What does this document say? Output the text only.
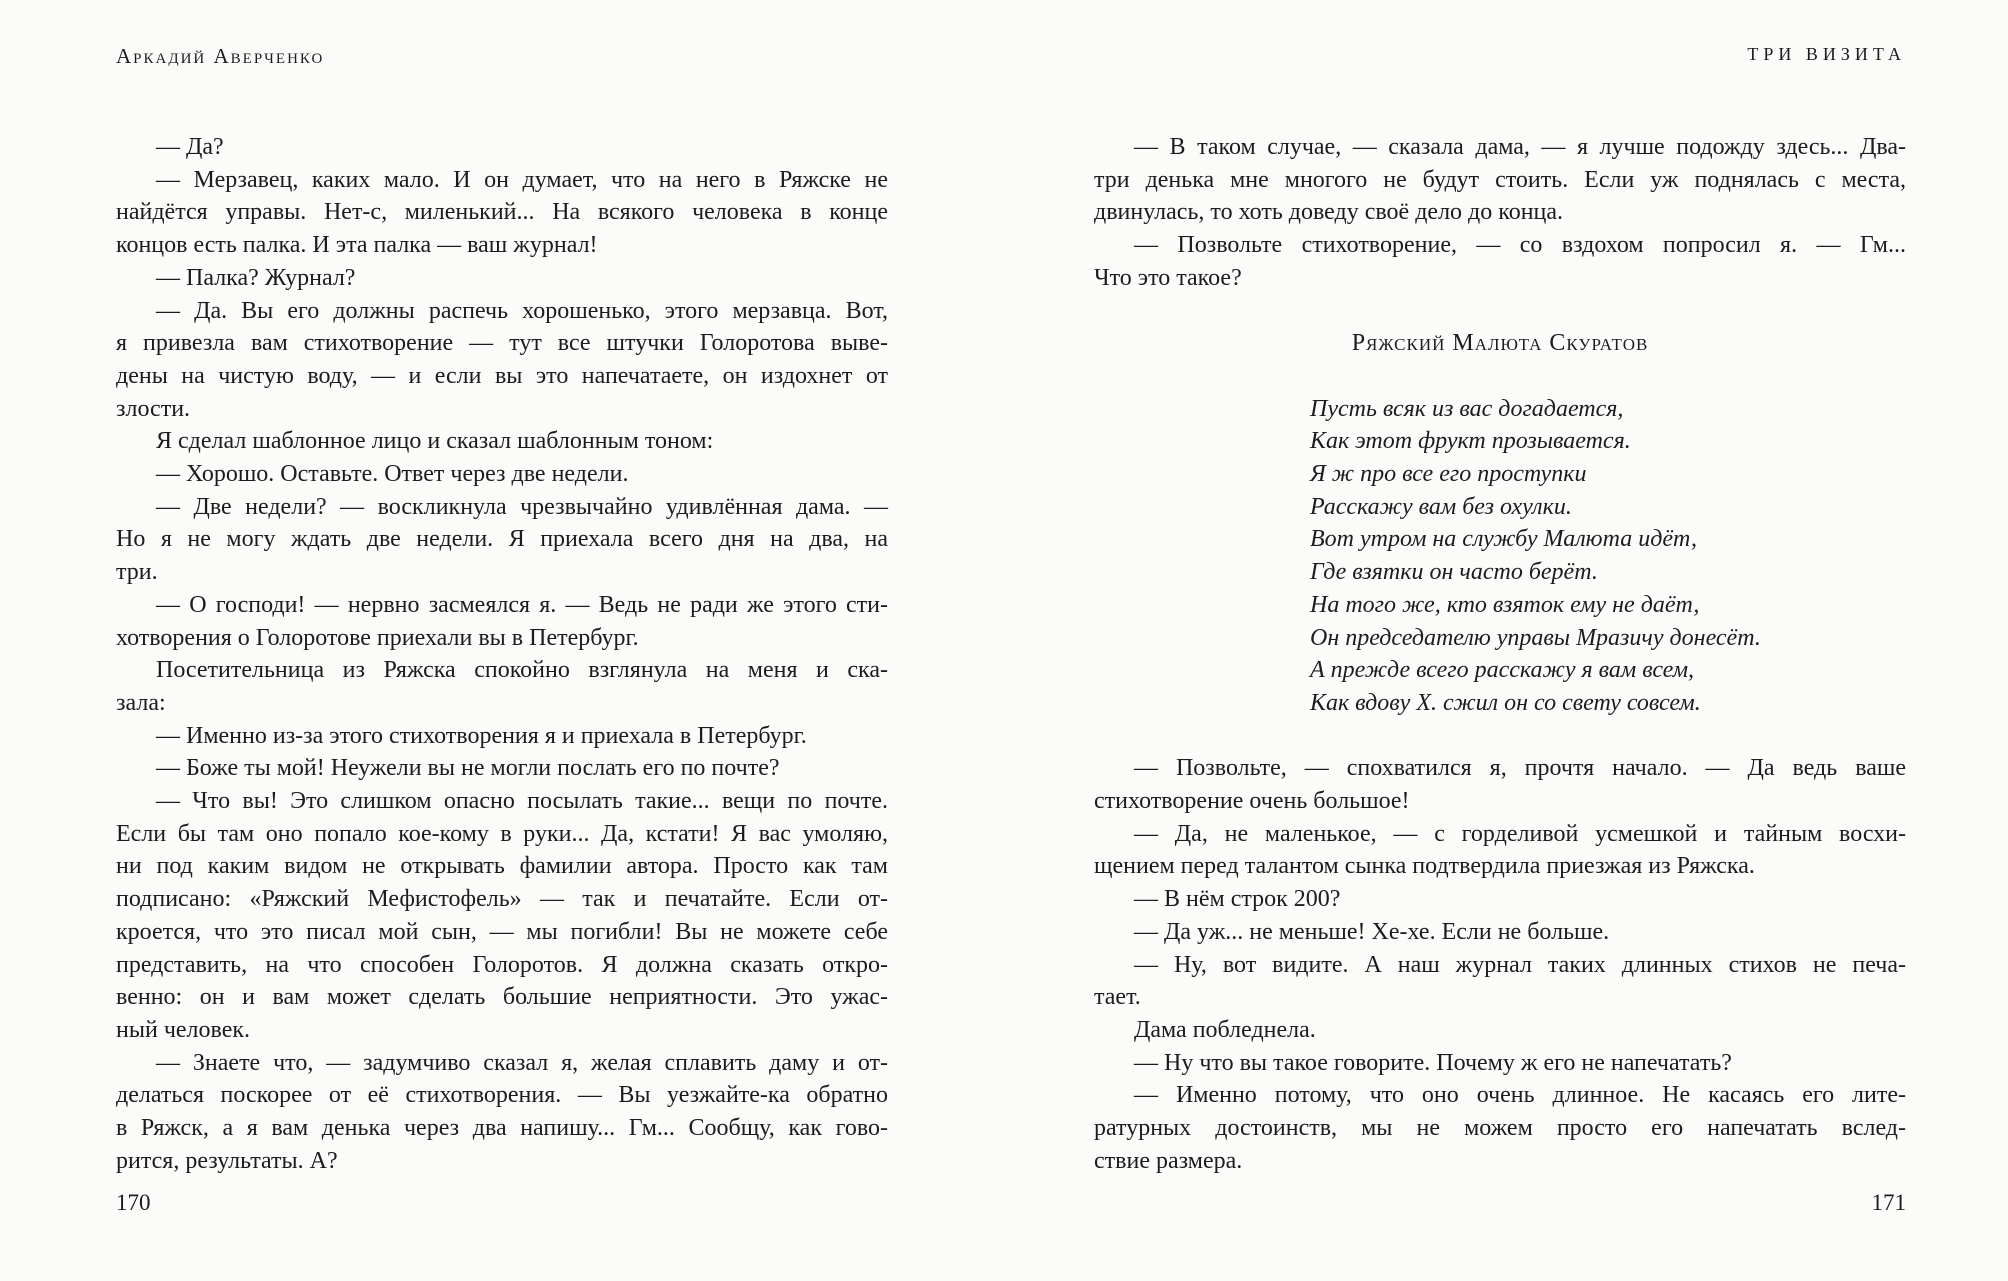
Аркадий Аверченко
— Да?
— Мерзавец, каких мало. И он думает, что на него в Ряжске не
найдётся управы. Нет-с, миленький... На всякого человека в конце
концов есть палка. И эта палка — ваш журнал!
— Палка? Журнал?
— Да. Вы его должны распечь хорошенько, этого мерзавца. Вот,
я привезла вам стихотворение — тут все штучки Голоротова выве-
дены на чистую воду, — и если вы это напечатаете, он издохнет от
злости.
Я сделал шаблонное лицо и сказал шаблонным тоном:
— Хорошо. Оставьте. Ответ через две недели.
— Две недели? — воскликнула чрезвычайно удивлённая дама. —
Но я не могу ждать две недели. Я приехала всего дня на два, на
три.
— О господи! — нервно засмеялся я. — Ведь не ради же этого сти-
хотворения о Голоротове приехали вы в Петербург.
Посетительница из Ряжска спокойно взглянула на меня и ска-
зала:
— Именно из-за этого стихотворения я и приехала в Петербург.
— Боже ты мой! Неужели вы не могли послать его по почте?
— Что вы! Это слишком опасно посылать такие... вещи по почте.
Если бы там оно попало кое-кому в руки... Да, кстати! Я вас умоляю,
ни под каким видом не открывать фамилии автора. Просто как там
подписано: «Ряжский Мефистофель» — так и печатайте. Если от-
кроется, что это писал мой сын, — мы погибли! Вы не можете себе
представить, на что способен Голоротов. Я должна сказать откро-
венно: он и вам может сделать большие неприятности. Это ужас-
ный человек.
— Знаете что, — задумчиво сказал я, желая сплавить даму и от-
делаться поскорее от её стихотворения. — Вы уезжайте-ка обратно
в Ряжск, а я вам денька через два напишу... Гм... Сообщу, как гово-
рится, результаты. А?
170
ТРИ ВИЗИТА
— В таком случае, — сказала дама, — я лучше подожду здесь... Два-
три денька мне многого не будут стоить. Если уж поднялась с места,
двинулась, то хоть доведу своё дело до конца.
— Позвольте стихотворение, — со вздохом попросил я. — Гм...
Что это такое?
Ряжский Малюта Скуратов
Пусть всяк из вас догадается,
Как этот фрукт прозывается.
Я ж про все его проступки
Расскажу вам без охулки.
Вот утром на службу Малюта идёт,
Где взятки он часто берёт.
На того же, кто взяток ему не даёт,
Он председателю управы Мразичу донесёт.
А прежде всего расскажу я вам всем,
Как вдову Х. сжил он со свету совсем.
— Позвольте, — спохватился я, прочтя начало. — Да ведь ваше
стихотворение очень большое!
— Да, не маленькое, — с горделивой усмешкой и тайным восхи-
щением перед талантом сынка подтвердила приезжая из Ряжска.
— В нём строк 200?
— Да уж... не меньше! Хе-хе. Если не больше.
— Ну, вот видите. А наш журнал таких длинных стихов не печа-
тает.
Дама побледнела.
— Ну что вы такое говорите. Почему ж его не напечатать?
— Именно потому, что оно очень длинное. Не касаясь его лите-
ратурных достоинств, мы не можем просто его напечатать вслед-
ствие размера.
171
